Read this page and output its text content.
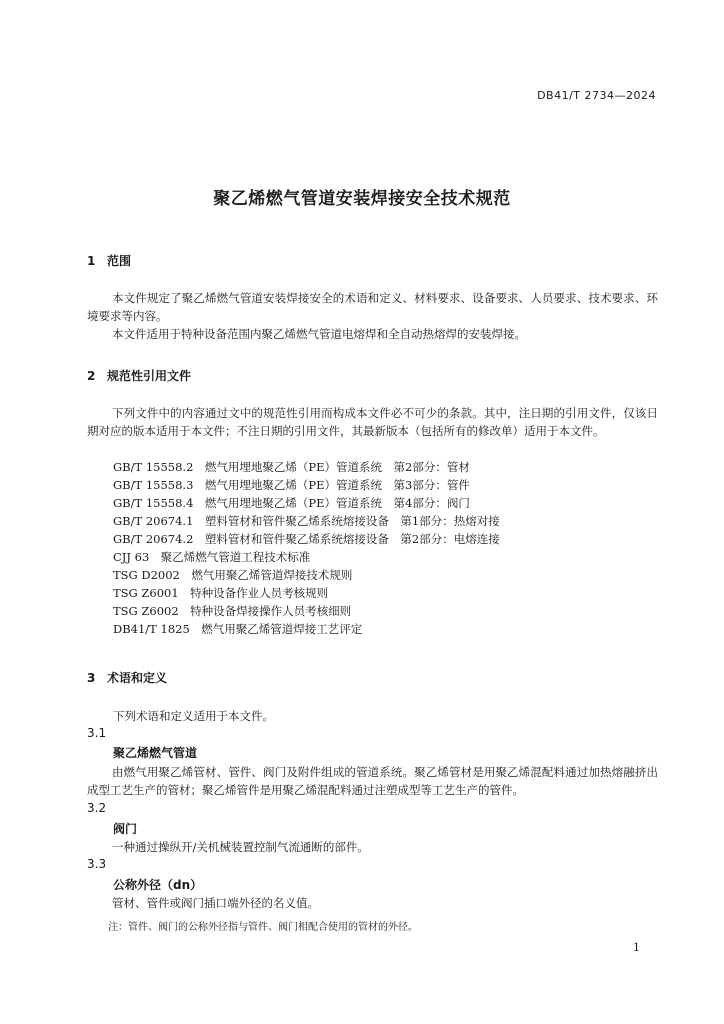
DB41/T 2734—2024
聚乙烯燃气管道安装焊接安全技术规范
1 范围
本文件规定了聚乙烯燃气管道安装焊接安全的术语和定义、材料要求、设备要求、人员要求、技术要求、环境要求等内容。
本文件适用于特种设备范围内聚乙烯燃气管道电熔焊和全自动热熔焊的安装焊接。
2 规范性引用文件
下列文件中的内容通过文中的规范性引用而构成本文件必不可少的条款。其中，注日期的引用文件，仅该日期对应的版本适用于本文件；不注日期的引用文件，其最新版本（包括所有的修改单）适用于本文件。
GB/T 15558.2　燃气用埋地聚乙烯（PE）管道系统　第2部分：管材
GB/T 15558.3　燃气用埋地聚乙烯（PE）管道系统　第3部分：管件
GB/T 15558.4　燃气用埋地聚乙烯（PE）管道系统　第4部分：阀门
GB/T 20674.1　塑料管材和管件聚乙烯系统熔接设备　第1部分：热熔对接
GB/T 20674.2　塑料管材和管件聚乙烯系统熔接设备　第2部分：电熔连接
CJJ 63　聚乙烯燃气管道工程技术标准
TSG D2002　燃气用聚乙烯管道焊接技术规则
TSG Z6001　特种设备作业人员考核规则
TSG Z6002　特种设备焊接操作人员考核细则
DB41/T 1825　燃气用聚乙烯管道焊接工艺评定
3 术语和定义
下列术语和定义适用于本文件。
3.1
聚乙烯燃气管道
由燃气用聚乙烯管材、管件、阀门及附件组成的管道系统。聚乙烯管材是用聚乙烯混配料通过加热熔融挤出成型工艺生产的管材；聚乙烯管件是用聚乙烯混配料通过注塑成型等工艺生产的管件。
3.2
阀门
一种通过操纵开/关机械装置控制气流通断的部件。
3.3
公称外径（dn）
管材、管件或阀门插口端外径的名义值。
注：管件、阀门的公称外径指与管件、阀门相配合使用的管材的外径。
1
